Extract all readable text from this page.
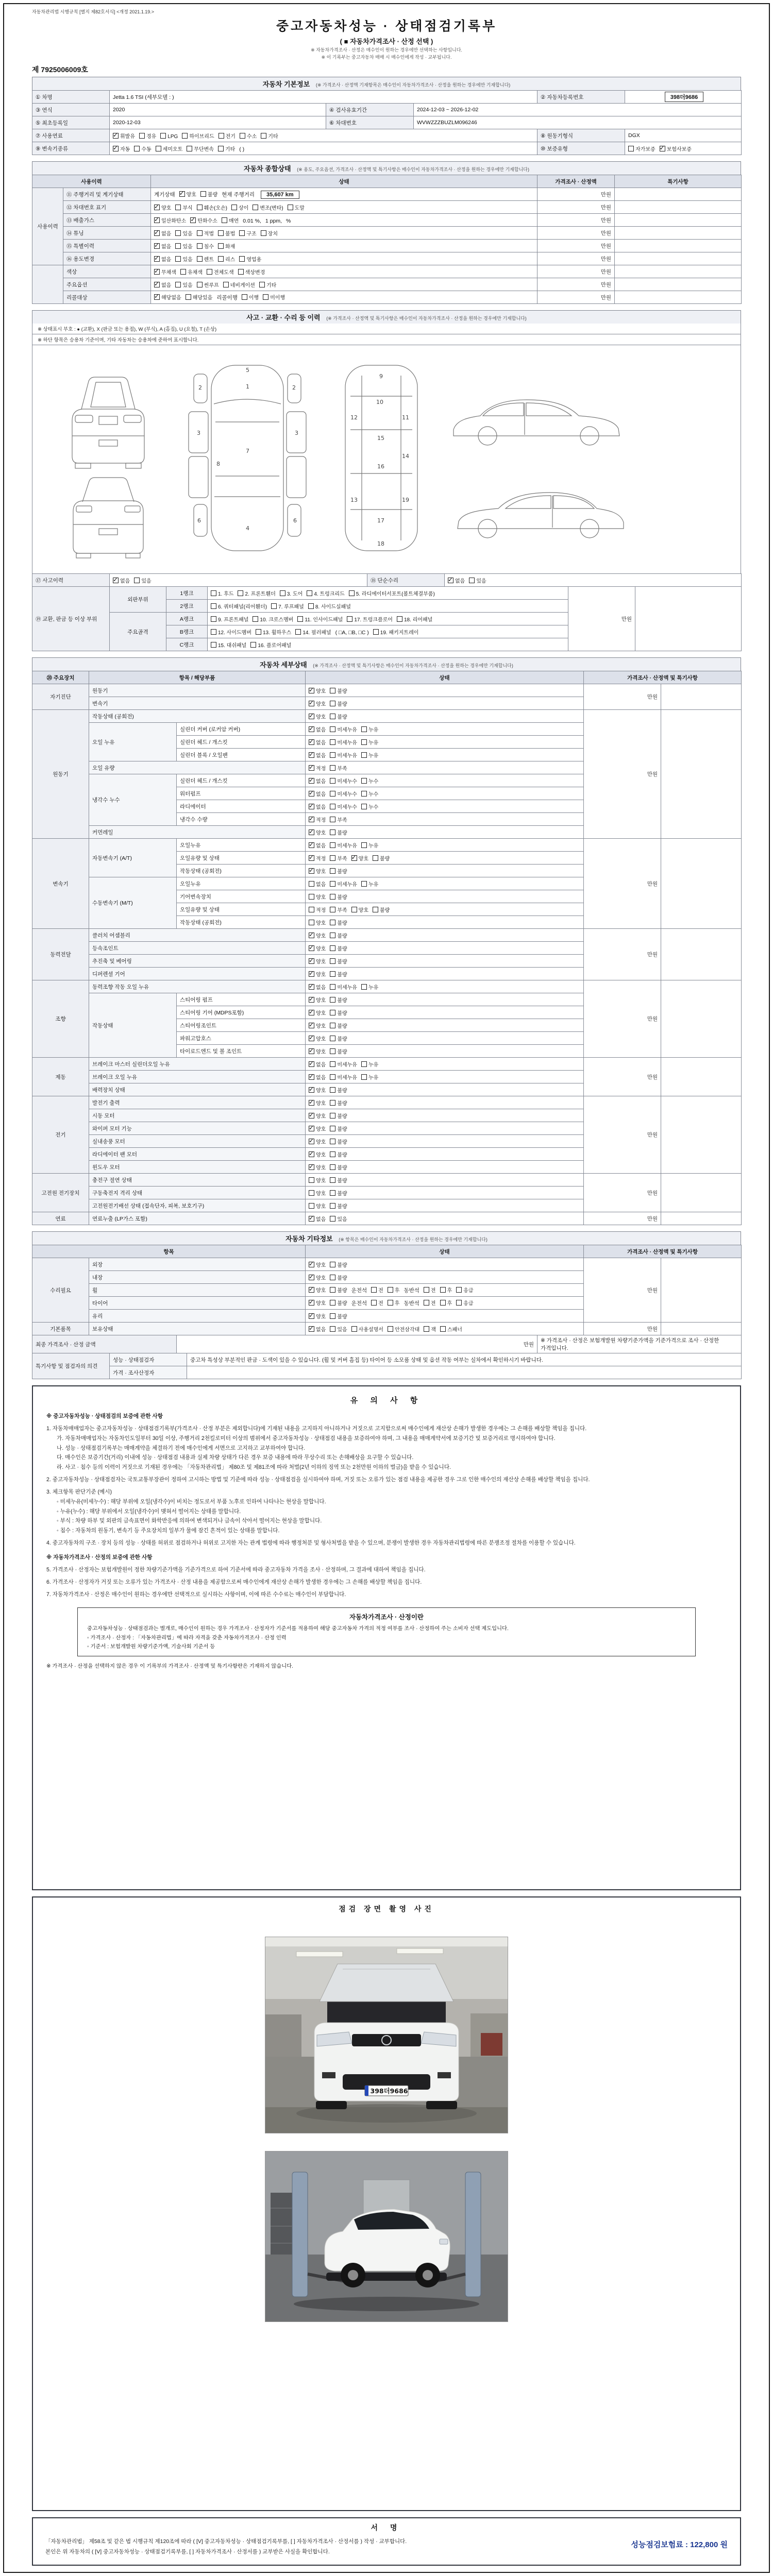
자동차관리법 시행규칙 [별지 제82호서식] <개정 2021.1.19.>
중고자동차성능 · 상태점검기록부
( ■ 자동차가격조사 · 산정 선택 )
※ 자동차가격조사 · 산정은 매수인이 원하는 경우에만 선택하는 사항입니다.
※ 이 기록부는 중고자동차 매매 시 매수인에게 작성 · 교부됩니다.
제 7925006009호
자동차 기본정보 (※ 가격조사 · 산정액 기재항목은 매수인이 자동차가격조사 · 산정을 원하는 경우에만 기재합니다)
① 차명	Jetta 1.6 TSI (세부모델 : )			② 자동차등록번호	398더9686
③ 연식	2020	④ 검사유효기간	2024-12-03 ~ 2026-12-02		
⑤ 최초등록일	2020-12-03	⑥ 차대번호	WVWZZZBUZLM096246		
⑦ 사용연료	✓휘발유 경유 LPG 하이브리드 전기 수소 기타			⑧ 원동기형식	DGX
⑨ 변속기종류	✓자동 수동 세미오토 무단변속 기타 ( )			⑩ 보증유형	자가보증 ✓ 보험사보증
자동차 종합상태 (※ 용도, 주요옵션, 가격조사 · 산정액 및 특기사항은 매수인이 자동차가격조사 · 산정을 원하는 경우에만 기재합니다)
사용이력		상태	가격조사 · 산정액	특기사항
사용이력	⑪ 주행거리 및 계기상태	계기상태 ✓ 양호 불량 현재 주행거리 35,607 km	만원	
	⑫ 차대번호 표기	✓양호 부식 훼손(오손) 상이 변조(변타) 도말	만원	
	⑬ 배출가스	✓일산화탄소 ✓ 탄화수소 매연 0.01 %, 1 ppm, %	만원	
	⑭ 튜닝	✓없음 있음 적법 불법 구조 장치	만원	
	⑮ 특별이력	✓없음 있음 침수 화재	만원	
	⑯ 용도변경	✓없음 있음 렌트 리스 영업용	만원	
	색상	✓무채색 유채색 전체도색 색상변경	만원	
	주요옵션	✓없음 있음 썬루프 네비게이션 기타	만원	
	리콜대상	✓해당없음 해당있음 리콜이행 이행 미이행	만원	
사고 · 교환 · 수리 등 이력 (※ 가격조사 · 산정액 및 특기사항은 매수인이 자동차가격조사 · 산정을 원하는 경우에만 기재합니다)
※ 상태표시 부호 : ● (교환), X (판금 또는 용접), W (부식), A (흠집), U (요철), T (손상)
※ 하단 항목은 승용차 기준이며, 기타 자동차는 승용차에 준하여 표시합니다.
1
2	2
3	3
4
5
6	6
7
8
9
10
11
12
13
14
15
16
17
18
19
⑰ 사고이력	✓없음 있음	⑱ 단순수리	✓없음 있음
⑲ 교환, 판금 등 이상 부위	외판부위	1랭크	1. 후드 2. 프론트휀더 3. 도어 4. 트렁크리드 5. 라디에이터서포트(볼트체결부품)	만원	
		2랭크	6. 쿼터패널(리어휀더) 7. 루프패널 8. 사이드실패널		
	주요골격	A랭크	9. 프론트패널 10. 크로스멤버 11. 인사이드패널 17. 트렁크플로어 18. 리어패널		
		B랭크	12. 사이드멤버 13. 휠하우스 14. 필러패널 ( □A, □B, □C ) 19. 패키지트레이		
		C랭크	15. 대쉬패널 16. 플로어패널		
자동차 세부상태 (※ 가격조사 · 산정액 및 특기사항은 매수인이 자동차가격조사 · 산정을 원하는 경우에만 기재합니다)
⑳ 주요장치	항목 / 해당부품		상태	가격조사 · 산정액 및 특기사항	
자기진단	원동기	✓양호 불량	만원	
	변속기	✓양호 불량
원동기	작동상태 (공회전)	✓양호 불량	만원	
	오일 누유	실린더 커버 (로커암 커버)	✓없음 미세누유 누유
		실린더 헤드 / 개스킷	✓없음 미세누유 누유
		실린더 블록 / 오일팬	✓없음 미세누유 누유
	오일 유량	✓적정 부족
	냉각수 누수	실린더 헤드 / 개스킷	✓없음 미세누수 누수
		워터펌프	✓없음 미세누수 누수
		라디에이터	✓없음 미세누수 누수
		냉각수 수량	✓적정 부족
	커먼레일	✓양호 불량
변속기	자동변속기 (A/T)	오일누유	✓없음 미세누유 누유	만원	
		오일유량 및 상태	✓적정 부족 ✓ 양호 불량
		작동상태 (공회전)	✓양호 불량
	수동변속기 (M/T)	오일누유	없음 미세누유 누유		
		기어변속장치	양호 불량		
		오일유량 및 상태	적정 부족 양호 불량		
		작동상태 (공회전)	양호 불량		
동력전달	클러치 어셈블리	✓양호 불량	만원	
	등속조인트	✓양호 불량
	추진축 및 베어링	✓양호 불량
	디퍼렌셜 기어	✓양호 불량
조향	동력조향 작동 오일 누유	✓없음 미세누유 누유	만원	
	작동상태	스티어링 펌프	✓양호 불량
		스티어링 기어 (MDPS포함)	✓양호 불량
		스티어링조인트	✓양호 불량
		파워고압호스	✓양호 불량
		타이로드엔드 및 볼 조인트	✓양호 불량
제동	브레이크 마스터 실린더오일 누유	✓없음 미세누유 누유	만원	
	브레이크 오일 누유	✓없음 미세누유 누유
	배력장치 상태	✓양호 불량
전기	발전기 출력	✓양호 불량	만원	
	시동 모터	✓양호 불량
	와이퍼 모터 기능	✓양호 불량
	실내송풍 모터	✓양호 불량
	라디에이터 팬 모터	✓양호 불량
	윈도우 모터	✓양호 불량
고전원 전기장치	충전구 절연 상태		양호 불량	만원	
	구동축전지 격리 상태		양호 불량		
	고전원전기배선 상태 (접속단자, 피복, 보호기구)		양호 불량		
연료	연료누출 (LP가스 포함)	✓없음 있음	만원	
자동차 기타정보 (※ 항목은 매수인이 자동차가격조사 · 산정을 원하는 경우에만 기재합니다)
항목		상태	가격조사 · 산정액 및 특기사항	
수리필요	외장	✓양호 불량	만원	
	내장	✓양호 불량
	휠	✓양호 불량 운전석 전 후 동반석 전 후 응급
	타이어	✓양호 불량 운전석 전 후 동반석 전 후 응급
	유리	✓양호 불량
기본품목	보유상태	✓없음 있음 사용설명서 안전삼각대 잭 스패너	만원	
최종 가격조사 · 산정 금액	만원	※ 가격조사 · 산정은 보험개발원 차량기준가액을 기준가격으로 조사 · 산정한 가격입니다.
특기사항 및 점검자의 의견	성능 · 상태점검자	중고차 특성상 부분적인 판금 · 도색이 있을 수 있습니다. (휠 및 커버 흠집 등) 타이어 등 소모품 상태 및 옵션 작동 여부는 실차에서 확인하시기 바랍니다.
	가격 · 조사산정자	
유 의 사 항
※ 중고자동차성능 · 상태점검의 보증에 관한 사항
1. 자동차매매업자는 중고자동차성능 · 상태점검기록부(가격조사 · 산정 부분은 제외합니다)에 기재된 내용을 고지하지 아니하거나 거짓으로 고지함으로써 매수인에게 재산상 손해가 발생한 경우에는 그 손해를 배상할 책임을 집니다.
가. 자동차매매업자는 자동차인도일부터 30일 이상, 주행거리 2천킬로미터 이상의 범위에서 중고자동차성능 · 상태점검 내용을 보증하여야 하며, 그 내용을 매매계약서에 보증기간 및 보증거리로 명시하여야 합니다.
나. 성능 · 상태점검기록부는 매매계약을 체결하기 전에 매수인에게 서면으로 고지하고 교부하여야 합니다.
다. 매수인은 보증기간(거리) 이내에 성능 · 상태점검 내용과 실제 차량 상태가 다른 경우 보증 내용에 따라 무상수리 또는 손해배상을 요구할 수 있습니다.
라. 사고 · 침수 등의 이력이 거짓으로 기재된 경우에는 「자동차관리법」 제80조 및 제81조에 따라 처벌(2년 이하의 징역 또는 2천만원 이하의 벌금)을 받을 수 있습니다.
2. 중고자동차성능 · 상태점검자는 국토교통부장관이 정하여 고시하는 방법 및 기준에 따라 성능 · 상태점검을 실시하여야 하며, 거짓 또는 오류가 있는 점검 내용을 제공한 경우 그로 인한 매수인의 재산상 손해를 배상할 책임을 집니다.
3. 체크항목 판단기준 (예시)
◦ 미세누유(미세누수) : 해당 부위에 오일(냉각수)이 비치는 정도로서 부품 노후로 인하여 나타나는 현상을 말합니다.
◦ 누유(누수) : 해당 부위에서 오일(냉각수)이 맺혀서 떨어지는 상태를 말합니다.
◦ 부식 : 차량 하부 및 외판의 금속표면이 화학반응에 의하여 변색되거나 금속이 삭아서 떨어지는 현상을 말합니다.
◦ 침수 : 자동차의 원동기, 변속기 등 주요장치의 일부가 물에 잠긴 흔적이 있는 상태를 말합니다.
4. 중고자동차의 구조 · 장치 등의 성능 · 상태를 허위로 점검하거나 허위로 고지한 자는 관계 법령에 따라 행정처분 및 형사처벌을 받을 수 있으며, 분쟁이 발생한 경우 자동차관리법령에 따른 분쟁조정 절차를 이용할 수 있습니다.
※ 자동차가격조사 · 산정의 보증에 관한 사항
5. 가격조사 · 산정자는 보험개발원이 정한 차량기준가액을 기준가격으로 하여 기준서에 따라 중고자동차 가격을 조사 · 산정하며, 그 결과에 대하여 책임을 집니다.
6. 가격조사 · 산정자가 거짓 또는 오류가 있는 가격조사 · 산정 내용을 제공함으로써 매수인에게 재산상 손해가 발생한 경우에는 그 손해를 배상할 책임을 집니다.
7. 자동차가격조사 · 산정은 매수인이 원하는 경우에만 선택적으로 실시하는 사항이며, 이에 따른 수수료는 매수인이 부담합니다.
자동차가격조사 · 산정이란
중고자동차성능 · 상태점검과는 별개로, 매수인이 원하는 경우 가격조사 · 산정자가 기준서를 적용하여 해당 중고자동차 가격의 적정 여부를 조사 · 산정하여 주는 소비자 선택 제도입니다.
◦ 가격조사 · 산정자 : 「자동차관리법」에 따라 자격을 갖춘 자동차가격조사 · 산정 인력
◦ 기준서 : 보험개발원 차량기준가액, 기술사회 기준서 등
※ 가격조사 · 산정을 선택하지 않은 경우 이 기록부의 가격조사 · 산정액 및 특기사항란은 기재하지 않습니다.
점검 장면 촬영 사진
398더9686
서 명
「자동차관리법」 제58조 및 같은 법 시행규칙 제120조에 따라 ( [V] 중고자동차성능 · 상태점검기록부를, [ ] 자동차가격조사 · 산정서를 ) 작성 · 교부합니다.
본인은 위 자동차의 ( [V] 중고자동차성능 · 상태점검기록부를, [ ] 자동차가격조사 · 산정서를 ) 교부받은 사실을 확인합니다.
성능점검보험료 : 122,800 원
